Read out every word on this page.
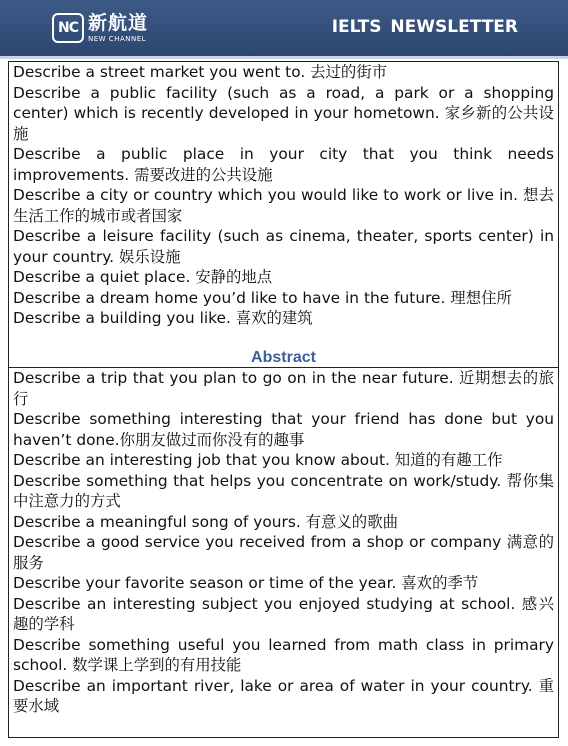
NC 新航道
NEW CHANNEL
IELTS NEWSLETTER

Describe a street market you went to. 去过的街市

Describe a public facility (such as a road, a park or a shopping center) which is recently developed in your hometown. 家乡新的公共设施

Describe a public place in your city that you think needs improvements. 需要改进的公共设施

Describe a city or country which you would like to work or live in. 想去生活工作的城市或者国家

Describe a leisure facility (such as cinema, theater, sports center) in your country. 娱乐设施

Describe a quiet place. 安静的地点

Describe a dream home you’d like to have in the future. 理想住所

Describe a building you like. 喜欢的建筑

Abstract

Describe a trip that you plan to go on in the near future. 近期想去的旅行

Describe something interesting that your friend has done but you haven’t done.你朋友做过而你没有的趣事

Describe an interesting job that you know about. 知道的有趣工作

Describe something that helps you concentrate on work/study. 帮你集中注意力的方式

Describe a meaningful song of yours. 有意义的歌曲

Describe a good service you received from a shop or company 满意的服务

Describe your favorite season or time of the year. 喜欢的季节

Describe an interesting subject you enjoyed studying at school. 感兴趣的学科

Describe something useful you learned from math class in primary school. 数学课上学到的有用技能

Describe an important river, lake or area of water in your country. 重要水域
